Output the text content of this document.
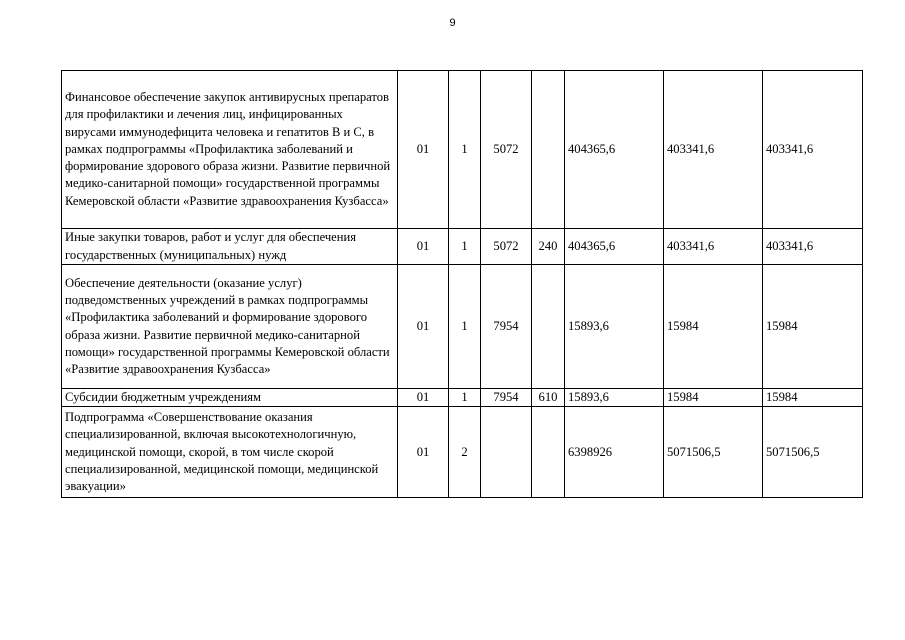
9
Финансовое обеспечение закупок антивирусных препаратов для профилактики и лечения лиц, инфицированных вирусами иммунодефицита человека и гепатитов В и С, в рамках подпрограммы «Профилактика заболеваний и формирование здорового образа жизни. Развитие первичной медико-санитарной помощи» государственной программы Кемеровской области «Развитие здравоохранения Кузбасса»	01	1	5072		404365,6	403341,6	403341,6
Иные закупки товаров, работ и услуг для обеспечения государственных (муниципальных) нужд	01	1	5072	240	404365,6	403341,6	403341,6
Обеспечение деятельности (оказание услуг) подведомственных учреждений в рамках подпрограммы «Профилактика заболеваний и формирование здорового образа жизни. Развитие первичной медико-санитарной помощи» государственной программы Кемеровской области «Развитие здравоохранения Кузбасса»	01	1	7954		15893,6	15984	15984
Субсидии бюджетным учреждениям	01	1	7954	610	15893,6	15984	15984
Подпрограмма «Совершенствование оказания специализированной, включая высокотехнологичную, медицинской помощи, скорой, в том числе скорой специализированной, медицинской помощи, медицинской эвакуации»	01	2			6398926	5071506,5	5071506,5
